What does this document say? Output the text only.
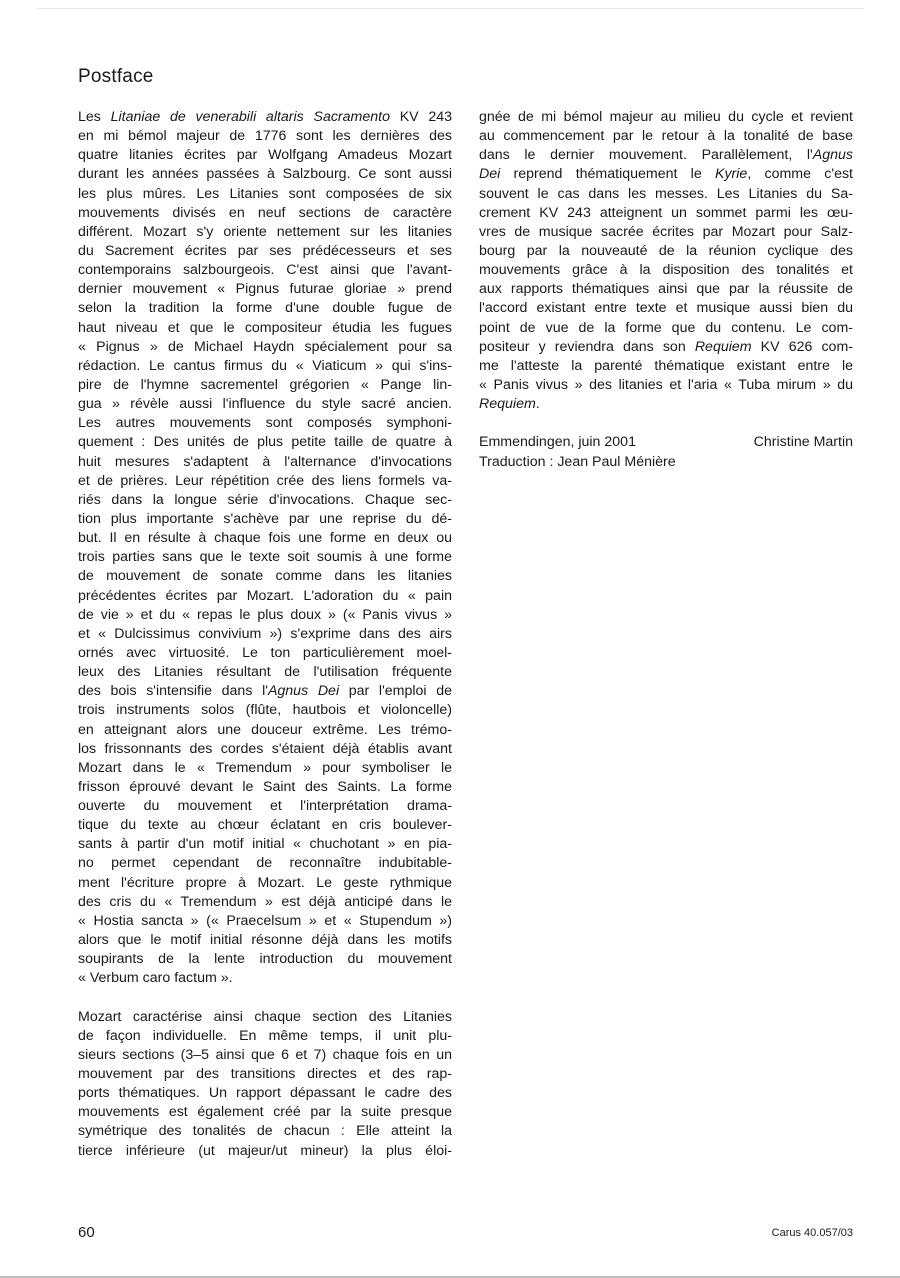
Postface
Les Litaniae de venerabili altaris Sacramento KV 243
en mi bémol majeur de 1776 sont les dernières des
quatre litanies écrites par Wolfgang Amadeus Mozart
durant les années passées à Salzbourg. Ce sont aussi
les plus mûres. Les Litanies sont composées de six
mouvements divisés en neuf sections de caractère
différent. Mozart s'y oriente nettement sur les litanies
du Sacrement écrites par ses prédécesseurs et ses
contemporains salzbourgeois. C'est ainsi que l'avant-
dernier mouvement « Pignus futurae gloriae » prend
selon la tradition la forme d'une double fugue de
haut niveau et que le compositeur étudia les fugues
« Pignus » de Michael Haydn spécialement pour sa
rédaction. Le cantus firmus du « Viaticum » qui s'ins-
pire de l'hymne sacrementel grégorien « Pange lin-
gua » révèle aussi l'influence du style sacré ancien.
Les autres mouvements sont composés symphoni-
quement : Des unités de plus petite taille de quatre à
huit mesures s'adaptent à l'alternance d'invocations
et de prières. Leur répétition crée des liens formels va-
riés dans la longue série d'invocations. Chaque sec-
tion plus importante s'achève par une reprise du dé-
but. Il en résulte à chaque fois une forme en deux ou
trois parties sans que le texte soit soumis à une forme
de mouvement de sonate comme dans les litanies
précédentes écrites par Mozart. L'adoration du « pain
de vie » et du « repas le plus doux » (« Panis vivus »
et « Dulcissimus convivium ») s'exprime dans des airs
ornés avec virtuosité. Le ton particulièrement moel-
leux des Litanies résultant de l'utilisation fréquente
des bois s'intensifie dans l'Agnus Dei par l'emploi de
trois instruments solos (flûte, hautbois et violoncelle)
en atteignant alors une douceur extrême. Les trémo-
los frissonnants des cordes s'étaient déjà établis avant
Mozart dans le « Tremendum » pour symboliser le
frisson éprouvé devant le Saint des Saints. La forme
ouverte du mouvement et l'interprétation drama-
tique du texte au chœur éclatant en cris boulever-
sants à partir d'un motif initial « chuchotant » en pia-
no permet cependant de reconnaître indubitable-
ment l'écriture propre à Mozart. Le geste rythmique
des cris du « Tremendum » est déjà anticipé dans le
« Hostia sancta » (« Praecelsum » et « Stupendum »)
alors que le motif initial résonne déjà dans les motifs
soupirants de la lente introduction du mouvement
« Verbum caro factum ».
Mozart caractérise ainsi chaque section des Litanies
de façon individuelle. En même temps, il unit plu-
sieurs sections (3–5 ainsi que 6 et 7) chaque fois en un
mouvement par des transitions directes et des rap-
ports thématiques. Un rapport dépassant le cadre des
mouvements est également créé par la suite presque
symétrique des tonalités de chacun : Elle atteint la
tierce inférieure (ut majeur/ut mineur) la plus éloi-
gnée de mi bémol majeur au milieu du cycle et revient
au commencement par le retour à la tonalité de base
dans le dernier mouvement. Parallèlement, l'Agnus
Dei reprend thématiquement le Kyrie, comme c'est
souvent le cas dans les messes. Les Litanies du Sa-
crement KV 243 atteignent un sommet parmi les œu-
vres de musique sacrée écrites par Mozart pour Salz-
bourg par la nouveauté de la réunion cyclique des
mouvements grâce à la disposition des tonalités et
aux rapports thématiques ainsi que par la réussite de
l'accord existant entre texte et musique aussi bien du
point de vue de la forme que du contenu. Le com-
positeur y reviendra dans son Requiem KV 626 com-
me l'atteste la parenté thématique existant entre le
« Panis vivus » des litanies et l'aria « Tuba mirum » du
Requiem.
Emmendingen, juin 2001	Christine Martin
Traduction : Jean Paul Ménière
60	Carus 40.057/03
